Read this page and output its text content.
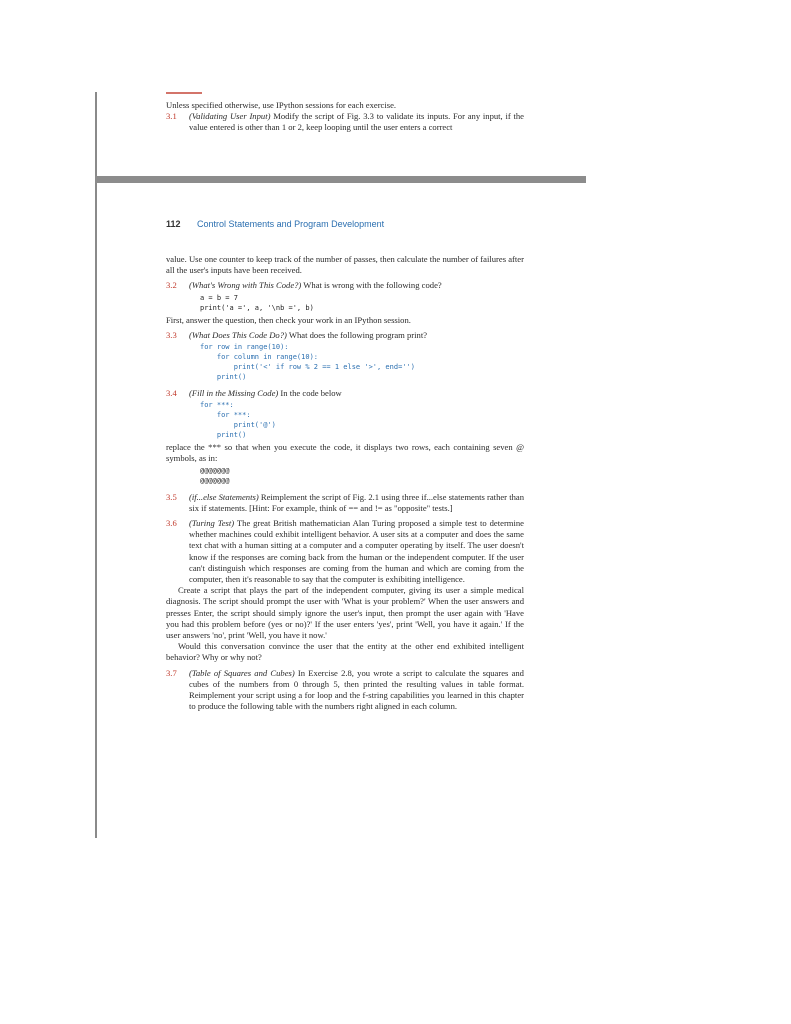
Unless specified otherwise, use IPython sessions for each exercise.

3.1	(Validating User Input) Modify the script of Fig. 3.3 to validate its inputs. For any input, if the value entered is other than 1 or 2, keep looping until the user enters a correct
112 Control Statements and Program Development

value. Use one counter to keep track of the number of passes, then calculate the number of failures after all the user's inputs have been received.

3.2	(What's Wrong with This Code?) What is wrong with the following code?
a = b = 7
print('a =', a, '\nb =', b)

First, answer the question, then check your work in an IPython session.

3.3	(What Does This Code Do?) What does the following program print?
for row in range(10):
for column in range(10):
print('<' if row % 2 == 1 else '>', end='')
print()
3.4	(Fill in the Missing Code) In the code below
for ***:
for ***:
print('@')
print()

replace the *** so that when you execute the code, it displays two rows, each containing seven @ symbols, as in:

@@@@@@@
@@@@@@@
3.5	(if...else Statements) Reimplement the script of Fig. 2.1 using three if...else statements rather than six if statements. [Hint: For example, think of == and != as "opposite" tests.]
3.6	(Turing Test) The great British mathematician Alan Turing proposed a simple test to determine whether machines could exhibit intelligent behavior. A user sits at a computer and does the same text chat with a human sitting at a computer and a computer operating by itself. The user doesn't know if the responses are coming back from the human or the independent computer. If the user can't distinguish which responses are coming from the human and which are coming from the computer, then it's reasonable to say that the computer is exhibiting intelligence.

Create a script that plays the part of the independent computer, giving its user a simple medical diagnosis. The script should prompt the user with 'What is your problem?' When the user answers and presses Enter, the script should simply ignore the user's input, then prompt the user again with 'Have you had this problem before (yes or no)?' If the user enters 'yes', print 'Well, you have it again.' If the user answers 'no', print 'Well, you have it now.'

Would this conversation convince the user that the entity at the other end exhibited intelligent behavior? Why or why not?

3.7	(Table of Squares and Cubes) In Exercise 2.8, you wrote a script to calculate the squares and cubes of the numbers from 0 through 5, then printed the resulting values in table format. Reimplement your script using a for loop and the f-string capabilities you learned in this chapter to produce the following table with the numbers right aligned in each column.
